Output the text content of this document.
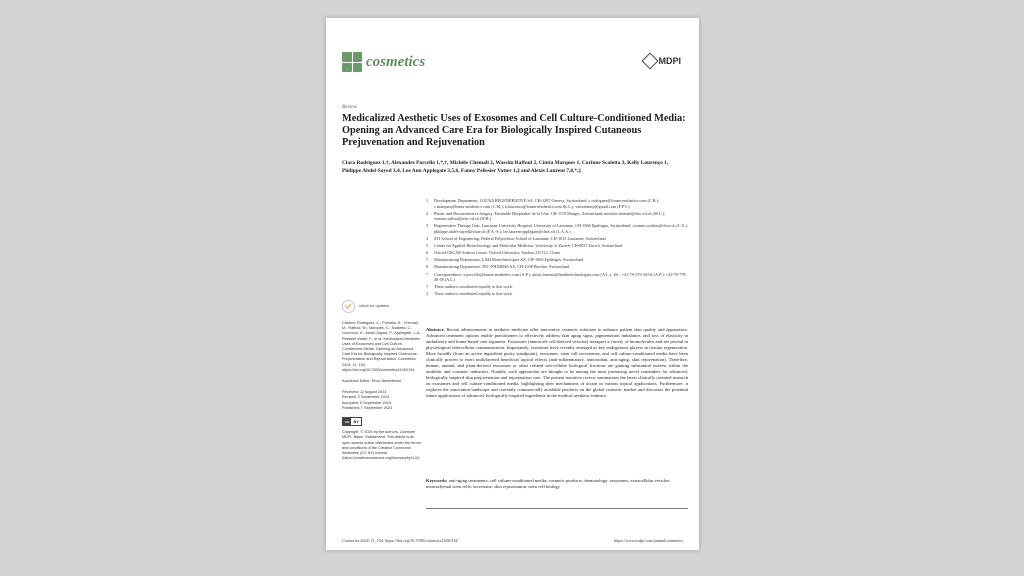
cosmetics	MDPI
Review
Medicalized Aesthetic Uses of Exosomes and Cell Culture-Conditioned Media: Opening an Advanced Care Era for Biologically Inspired Cutaneous Prejuvenation and Rejuvenation
Clara Rodriguez 1,†, Alexandre Porcello 1,*,†, Michèle Chemali 2, Wassim Raffoul 2, Cíntia Marques 1, Corinne Scaletta 3, Kelly Lourenço 1, Philippe Abdel-Sayed 3,4, Lee Ann Applegate 3,5,6, Fanny Pelissier Vatter 1,‡ and Alexis Laurent 7,8,*,‡
1	Development Department, LOUNA REGENERATIVE SA, CH-1207 Geneva, Switzerland; c.rodriguez@louna-aesthetics.com (C.R.); c.marques@louna-aesthetics.com (C.M.); k.lourenco@louna-aesthetics.com (K.L.); vatterfanny@gmail.com (F.P.V.)
2	Plastic and Reconstructive Surgery, Ensemble Hospitalier de la Côte, CH-1110 Morges, Switzerland; michele.chemali@ehc.vd.ch (M.C.); wassim.raffoul@ehc.vd.ch (W.R.)
3	Regenerative Therapy Unit, Lausanne University Hospital, University of Lausanne, CH-1066 Epalinges, Switzerland; corinne.scaletta@chuv.ch (C.S.); philippe.abdel-sayed@chuv.ch (P.A.-S.); lee.laurent-applegate@chuv.ch (L.A.A.)
4	STI School of Engineering, Federal Polytechnic School of Lausanne, CH-1015 Lausanne, Switzerland
5	Center for Applied Biotechnology and Molecular Medicine, University of Zurich, CH-8057 Zurich, Switzerland
6	Oxford OSCAR Suzhou Center, Oxford University, Suzhou 215123, China
7	Manufacturing Department, LAM Biotechnologies SA, CH-1066 Epalinges, Switzerland
8	Manufacturing Department, TEC-PHARMA SA, CH-1038 Bercher, Switzerland
*	Correspondence: a.porcello@louna-aesthetics.com (A.P.); alexis.laurent@lambiotechnologies.com (A.L.); Tel.: +41-79-375-34-02 (A.P.); +41-79-778-48-58 (A.L.)
†	These authors contributed equally to this work.
‡	These authors contributed equally to this work.
check for updates
Citation: Rodriguez, C.; Porcello, A.; Chemali, M.; Raffoul, W.; Marques, C.; Scaletta, C.; Lourenço, K.; Abdel-Sayed, P.; Applegate, L.A.; Pelissier Vatter, F.; et al. Medicalized Aesthetic Uses of Exosomes and Cell Culture-Conditioned Media: Opening an Advanced Care Era for Biologically Inspired Cutaneous Prejuvenation and Rejuvenation. Cosmetics 2024, 11, 154. https://doi.org/10.3390/cosmetics11050154
Academic Editor: Enzo Berardesca
Received: 12 August 2024
Revised: 2 September 2024
Accepted: 5 September 2024
Published: 7 September 2024
cc	BY
Copyright: © 2024 by the authors. Licensee MDPI, Basel, Switzerland. This article is an open access article distributed under the terms and conditions of the Creative Commons Attribution (CC BY) license (https://creativecommons.org/licenses/by/4.0/).
Abstract: Recent advancements in aesthetic medicine offer innovative cosmetic solutions to enhance patient skin quality and appearance. Advanced treatment options enable practitioners to effectively address skin aging signs, pigmentation imbalance, and loss of elasticity in ambulatory and home-based care regimens. Exosomes (nanoscale cell-derived vesicles) transport a variety of biomolecules and are pivotal in physiological intercellular communication. Importantly, exosomes have recently emerged as key endogenous players in tissular regeneration. More broadly (from an active ingredient purity standpoint), exosomes, stem cell secretomes, and cell culture-conditioned media have been clinically proven to exert multifaceted beneficial topical effects (anti-inflammatory, antioxidant, anti-aging, skin rejuvenation). Therefore, human, animal, and plant-derived exosomes or other refined sub-cellular biological fractions are gaining substantial interest within the aesthetic and cosmetic industries. Notably, such approaches are thought to be among the most promising novel contenders for advanced, biologically inspired skin prejuvenation and rejuvenation care. The present narrative review summarizes the latest clinically oriented research on exosomes and cell culture-conditioned media, highlighting their mechanisms of action in various topical applications. Furthermore, it explores the innovation landscape and currently commercially available products on the global cosmetic market and discusses the potential future applications of advanced, biologically inspired ingredients in the medical aesthetic industry.
Keywords: anti-aging treatments; cell culture-conditioned media; cosmetic products; dermatology; exosomes; extracellular vesicles; mesenchymal stem cells; secretome; skin rejuvenation; stem cell biology
Cosmetics 2024, 11, 154. https://doi.org/10.3390/cosmetics11050154	https://www.mdpi.com/journal/cosmetics
